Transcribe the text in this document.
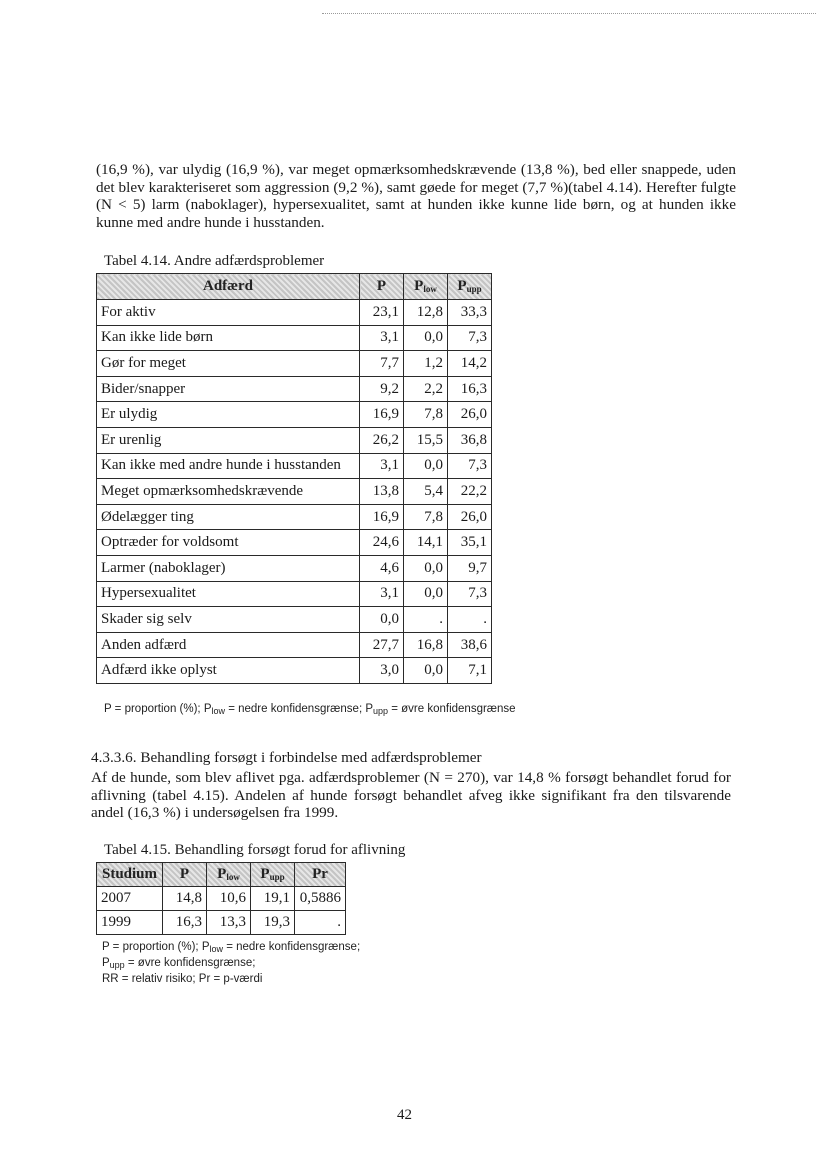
(16,9 %), var ulydig (16,9 %), var meget opmærksomhedskrævende (13,8 %), bed eller snappede, uden det blev karakteriseret som aggression (9,2 %), samt gøede for meget (7,7 %)(tabel 4.14). Herefter fulgte (N < 5) larm (naboklager), hypersexualitet, samt at hunden ikke kunne lide børn, og at hunden ikke kunne med andre hunde i husstanden.

Tabel 4.14. Andre adfærdsproblemer

Adfærd	P	$P_{low}$	$P_{upp}$
For aktiv	23,1	12,8	33,3
Kan ikke lide børn	3,1	0,0	7,3
Gør for meget	7,7	1,2	14,2
Bider/snapper	9,2	2,2	16,3
Er ulydig	16,9	7,8	26,0
Er urenlig	26,2	15,5	36,8
Kan ikke med andre hunde i husstanden	3,1	0,0	7,3
Meget opmærksomhedskrævende	13,8	5,4	22,2
Ødelægger ting	16,9	7,8	26,0
Optræder for voldsomt	24,6	14,1	35,1
Larmer (naboklager)	4,6	0,0	9,7
Hypersexualitet	3,1	0,0	7,3
Skader sig selv	0,0	.	.
Anden adfærd	27,7	16,8	38,6
Adfærd ikke oplyst	3,0	0,0	7,1

P = proportion (%); $P_{low}$ = nedre konfidensgrænse; $P_{upp}$ = øvre konfidensgrænse

4.3.3.6. Behandling forsøgt i forbindelse med adfærdsproblemer

Af de hunde, som blev aflivet pga. adfærdsproblemer (N = 270), var 14,8 % forsøgt behandlet forud for aflivning (tabel 4.15). Andelen af hunde forsøgt behandlet afveg ikke signifikant fra den tilsvarende andel (16,3 %) i undersøgelsen fra 1999.

Tabel 4.15. Behandling forsøgt forud for aflivning

Studium	P	$P_{low}$	$P_{upp}$	Pr
2007	14,8	10,6	19,1	0,5886
1999	16,3	13,3	19,3	.
P = proportion (%); $P_{low}$ = nedre konfidensgrænse;
$P_{upp}$ = øvre konfidensgrænse;
RR = relativ risiko; Pr = p-værdi
42
